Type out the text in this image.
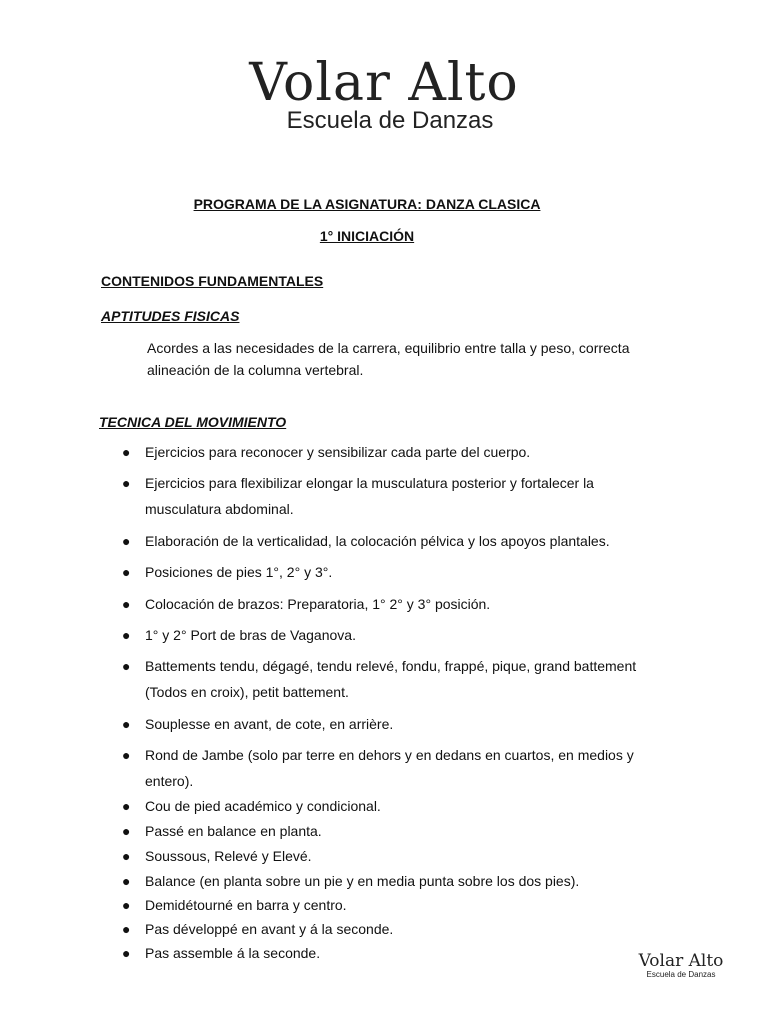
Volar Alto
Escuela de Danzas
PROGRAMA DE LA ASIGNATURA: DANZA CLASICA
1° INICIACIÓN
CONTENIDOS FUNDAMENTALES
APTITUDES FISICAS
Acordes a las necesidades de la carrera, equilibrio entre talla y peso, correcta alineación de la columna vertebral.
TECNICA DEL MOVIMIENTO
●	Ejercicios para reconocer y sensibilizar cada parte del cuerpo.
●	Ejercicios para flexibilizar elongar la musculatura posterior y fortalecer la musculatura abdominal.
●	Elaboración de la verticalidad, la colocación pélvica y los apoyos plantales.
●	Posiciones de pies 1°, 2° y 3°.
●	Colocación de brazos: Preparatoria, 1° 2° y 3° posición.
●	1° y 2° Port de bras de Vaganova.
●	Battements tendu, dégagé, tendu relevé, fondu, frappé, pique, grand battement (Todos en croix), petit battement.
●	Souplesse en avant, de cote, en arrière.
●	Rond de Jambe (solo par terre en dehors y en dedans en cuartos, en medios y entero).
●	Cou de pied académico y condicional.
●	Passé en balance en planta.
●	Soussous, Relevé y Elevé.
●	Balance (en planta sobre un pie y en media punta sobre los dos pies).
●	Demidétourné en barra y centro.
●	Pas développé en avant y á la seconde.
●	Pas assemble á la seconde.	Volar Alto
Escuela de Danzas
